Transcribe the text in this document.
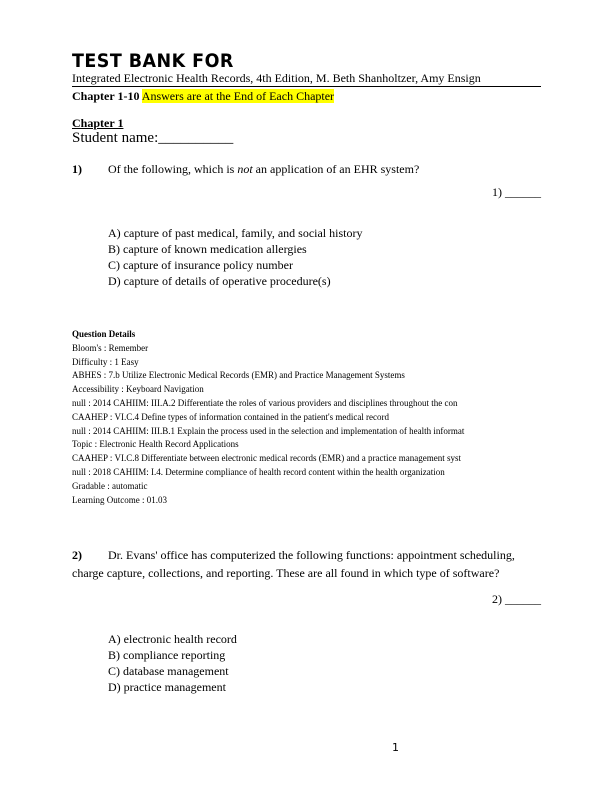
TEST BANK FOR
Integrated Electronic Health Records, 4th Edition, M. Beth Shanholtzer, Amy Ensign
Chapter 1-10 Answers are at the End of Each Chapter
Chapter 1
Student name:__________
1) Of the following, which is not an application of an EHR system?
1) ______
A) capture of past medical, family, and social history
B) capture of known medication allergies
C) capture of insurance policy number
D) capture of details of operative procedure(s)
Question Details
Bloom's : Remember
Difficulty : 1 Easy
ABHES : 7.b Utilize Electronic Medical Records (EMR) and Practice Management Systems
Accessibility : Keyboard Navigation
null : 2014 CAHIIM: III.A.2 Differentiate the roles of various providers and disciplines throughout the con
CAAHEP : VI.C.4 Define types of information contained in the patient's medical record
null : 2014 CAHIIM: III.B.1 Explain the process used in the selection and implementation of health informat
Topic : Electronic Health Record Applications
CAAHEP : VI.C.8 Differentiate between electronic medical records (EMR) and a practice management syst
null : 2018 CAHIIM: I.4. Determine compliance of health record content within the health organization
Gradable : automatic
Learning Outcome : 01.03
2) Dr. Evans' office has computerized the following functions: appointment scheduling,
charge capture, collections, and reporting. These are all found in which type of software?
2) ______
A) electronic health record
B) compliance reporting
C) database management
D) practice management
1
